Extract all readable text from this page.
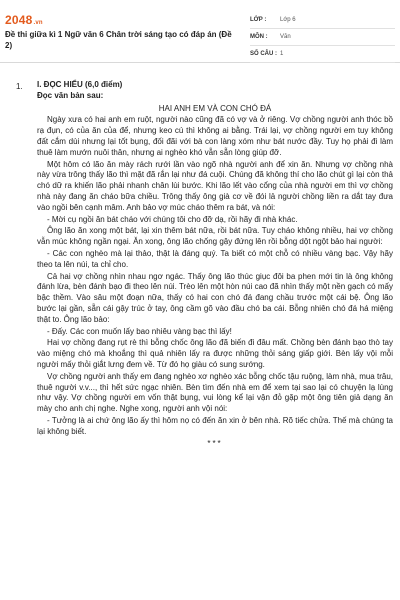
2048.vn
Đề thi giữa kì 1 Ngữ văn 6 Chân trời sáng tạo có đáp án (Đề 2)
LỚP :	Lớp 6
MÔN :	Văn
SỐ CÂU : 1
1. I. ĐỌC HIỂU (6,0 điểm)
Đọc văn bản sau:
HAI ANH EM VÀ CON CHÓ ĐÁ

Ngày xưa có hai anh em ruột, người nào cũng đã có vợ và ở riêng. Vợ chồng người anh thóc bồ rạ đụn, có của ăn của để, nhưng keo cú thì không ai bằng. Trái lại, vợ chồng người em tuy không đất cắm dùi nhưng lại tốt bụng, đối đãi với bà con làng xóm như bát nước đầy. Tuy họ phải đi làm thuê làm mướn nuôi thân, nhưng ai nghèo khó vẫn sẵn lòng giúp đỡ.

Một hôm có lão ăn mày rách rưới lần vào ngõ nhà người anh để xin ăn. Nhưng vợ chồng nhà này vừa trông thấy lão thì mặt đã rắn lại như đá cuội. Chúng đã không thí cho lão chút gì lại còn thả chó dữ ra khiến lão phải nhanh chân lùi bước. Khi lão lết vào cổng của nhà người em thì vợ chồng nhà này đang ăn cháo bữa chiều. Trông thấy ông già cơ về đói lả người chồng liền ra dắt tay đưa vào ngồi bên cạnh mâm. Anh bảo vợ múc cháo thêm ra bát, và nói:

- Mời cụ ngồi ăn bát cháo với chúng tôi cho đỡ dạ, rồi hãy đi nhà khác.

Ông lão ăn xong một bát, lại xin thêm bát nữa, rồi bát nữa. Tuy cháo không nhiều, hai vợ chồng vẫn múc không ngần ngại. Ăn xong, ông lão chống gậy đứng lên rồi bỗng dột ngột bảo hai người:

- Các con nghèo mà lại thảo, thật là đáng quý. Ta biết có một chỗ có nhiều vàng bạc. Vậy hãy theo ta lên núi, ta chỉ cho.

Cả hai vợ chồng nhìn nhau ngơ ngác. Thấy ông lão thúc giục đôi ba phen mới tin là ông không đánh lừa, bèn đánh bạo đi theo lên núi. Trèo lên một hòn núi cao đã nhìn thấy một nền gạch có mấy bậc thềm. Vào sâu một đoạn nữa, thấy có hai con chó đá đang chầu trước một cái bệ. Ông lão bước lại gần, sẵn cái gậy trúc ở tay, ông cầm gõ vào đầu chó ba cái. Bỗng nhiên chó đá há miệng thật to. Ông lão bảo:

- Đấy. Các con muốn lấy bao nhiêu vàng bạc thì lấy!

Hai vợ chồng đang rụt rè thì bỗng chốc ông lão đã biến đi đâu mất. Chồng bèn đánh bạo thò tay vào miệng chó mà khoắng thì quả nhiên lấy ra được những thỏi sáng giấp giới. Bèn lấy vội mỗi người mấy thỏi giắt lưng đem về. Từ đó họ giàu có sung sướng.

Vợ chồng người anh thấy em đang nghèo xơ nghèo xác bỗng chốc tậu ruộng, làm nhà, mua trâu, thuê người v.v..., thì hết sức ngạc nhiên. Bèn tìm đến nhà em để xem tại sao lại có chuyện lạ lùng như vậy. Vợ chồng người em vốn thật bụng, vui lòng kể lại vận đỏ gặp một ông tiên giả dạng ăn mày cho anh chị nghe. Nghe xong, người anh vội nói:

- Tưởng là ai chứ ông lão ấy thì hôm nọ có đến ăn xin ở bên nhà. Rõ tiếc chửa. Thế mà chúng ta lại không biết.

***
